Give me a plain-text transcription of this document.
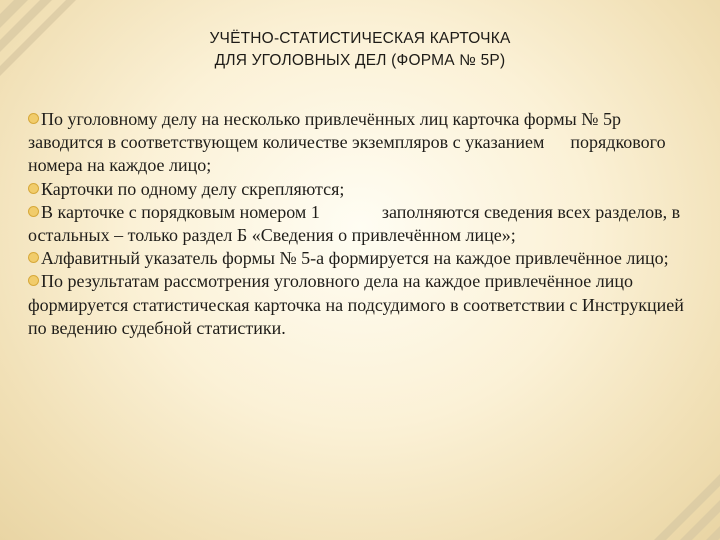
УЧЁТНО-СТАТИСТИЧЕСКАЯ КАРТОЧКА
ДЛЯ УГОЛОВНЫХ ДЕЛ (ФОРМА № 5Р)

По уголовному делу на несколько привлечённых лиц карточка формы № 5р заводится в соответствующем количестве экземпляров с указанием порядкового номера на каждое лицо;

Карточки по одному делу скрепляются;

В карточке с порядковым номером 1	заполняются сведения всех разделов, в остальных – только раздел Б «Сведения о привлечённом лице»;

Алфавитный указатель формы № 5-а формируется на каждое привлечённое лицо;

По результатам рассмотрения уголовного дела на каждое привлечённое лицо формируется статистическая карточка на подсудимого в соответствии с Инструкцией по ведению судебной статистики.
